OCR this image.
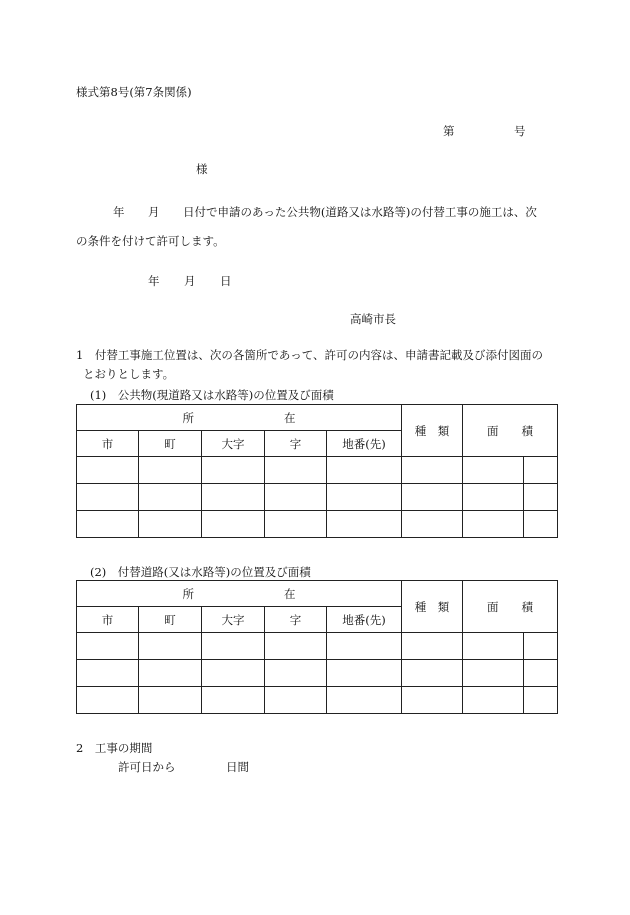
様式第8号(第7条関係)
第	号
様
年 月 日付で申請のあった公共物(道路又は水路等)の付替工事の施工は、次
の条件を付けて許可します。
年 月 日
高崎市長
1　付替工事施工位置は、次の各箇所であって、許可の内容は、申請書記載及び添付図面の
とおりとします。
(1)　公共物(現道路又は水路等)の位置及び面積
所 在					種　類	面　　積	
市	町	大字	字	地番(先)			

(2)　付替道路(又は水路等)の位置及び面積
所 在					種　類	面　　積	
市	町	大字	字	地番(先)			

2　工事の期間
許可日から	日間
